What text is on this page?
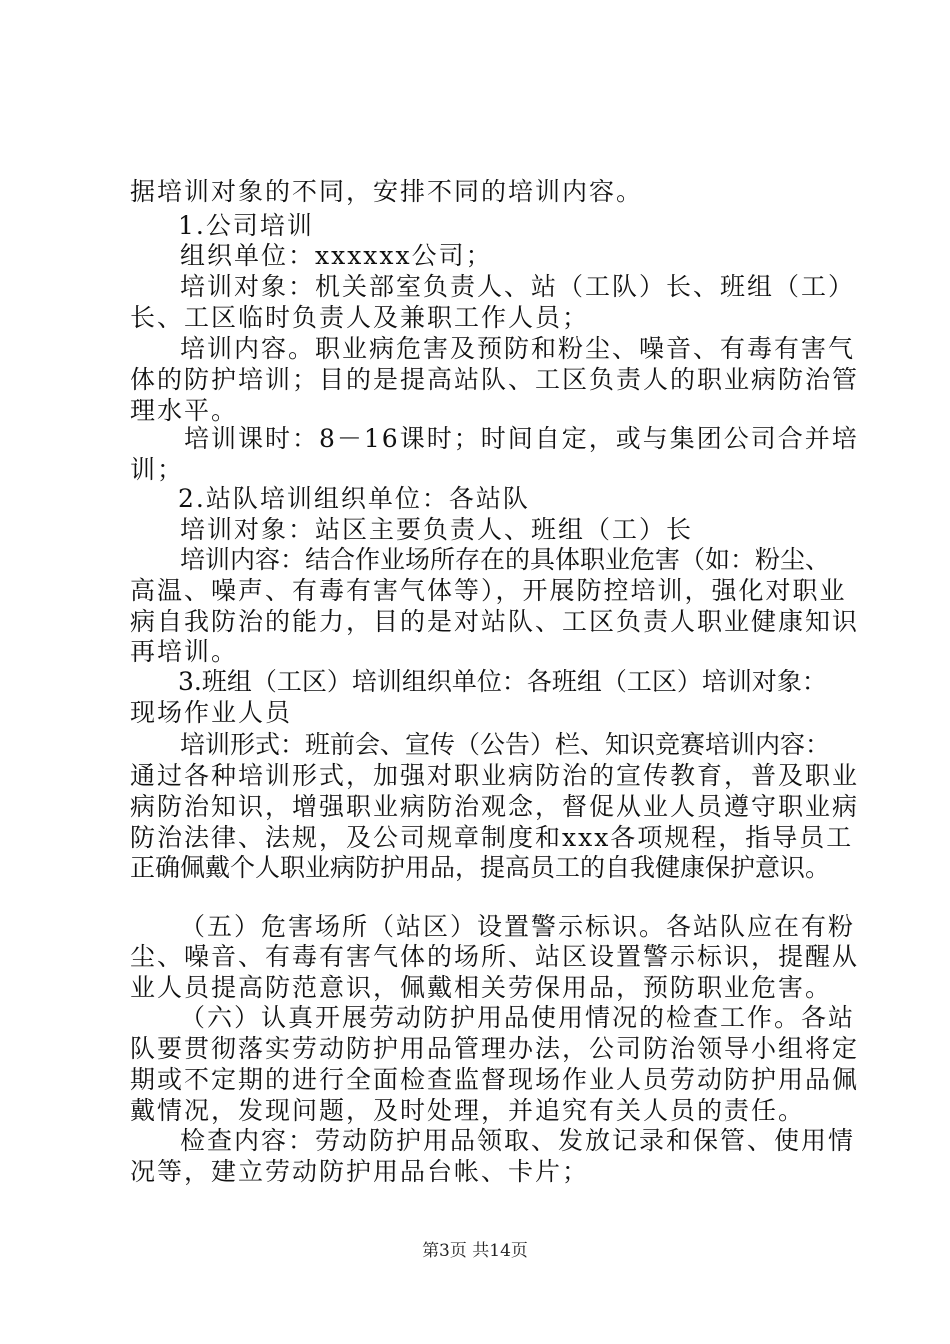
据培训对象的不同，安排不同的培训内容。
1.公司培训
组织单位：xxxxxx公司；
培训对象：机关部室负责人、站（工队）长、班组（工）
长、工区临时负责人及兼职工作人员；
培训内容。职业病危害及预防和粉尘、噪音、有毒有害气
体的防护培训；目的是提高站队、工区负责人的职业病防治管
理水平。
培训课时：8－16课时；时间自定，或与集团公司合并培
训；
2.站队培训组织单位：各站队
培训对象：站区主要负责人、班组（工）长
培训内容：结合作业场所存在的具体职业危害（如：粉尘、
高温、噪声、有毒有害气体等），开展防控培训，强化对职业
病自我防治的能力，目的是对站队、工区负责人职业健康知识
再培训。
3.班组（工区）培训组织单位：各班组（工区）培训对象：
现场作业人员
培训形式：班前会、宣传（公告）栏、知识竞赛培训内容：
通过各种培训形式，加强对职业病防治的宣传教育，普及职业
病防治知识，增强职业病防治观念，督促从业人员遵守职业病
防治法律、法规，及公司规章制度和xxx各项规程，指导员工
正确佩戴个人职业病防护用品，提高员工的自我健康保护意识。
（五）危害场所（站区）设置警示标识。各站队应在有粉
尘、噪音、有毒有害气体的场所、站区设置警示标识，提醒从
业人员提高防范意识，佩戴相关劳保用品，预防职业危害。
（六）认真开展劳动防护用品使用情况的检查工作。各站
队要贯彻落实劳动防护用品管理办法，公司防治领导小组将定
期或不定期的进行全面检查监督现场作业人员劳动防护用品佩
戴情况，发现问题，及时处理，并追究有关人员的责任。
检查内容：劳动防护用品领取、发放记录和保管、使用情
况等，建立劳动防护用品台帐、卡片；
第3页 共14页
